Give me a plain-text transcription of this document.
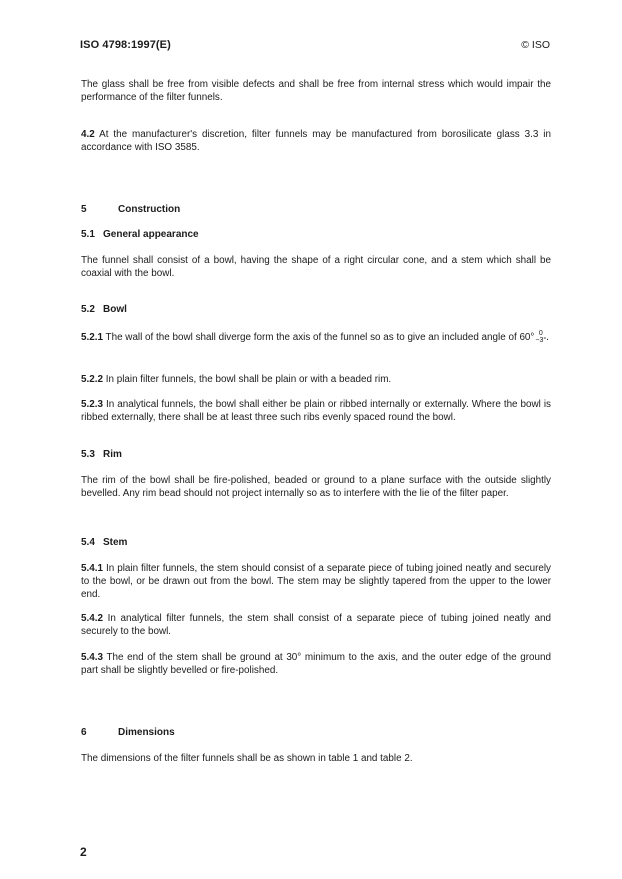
ISO 4798:1997(E)	© ISO
The glass shall be free from visible defects and shall be free from internal stress which would impair the performance of the filter funnels.
4.2 At the manufacturer's discretion, filter funnels may be manufactured from borosilicate glass 3.3 in accordance with ISO 3585.
5	Construction
5.1 General appearance
The funnel shall consist of a bowl, having the shape of a right circular cone, and a stem which shall be coaxial with the bowl.
5.2 Bowl
5.2.1 The wall of the bowl shall diverge form the axis of the funnel so as to give an included angle of 60° 0
−3° .
5.2.2 In plain filter funnels, the bowl shall be plain or with a beaded rim.
5.2.3 In analytical funnels, the bowl shall either be plain or ribbed internally or externally. Where the bowl is ribbed externally, there shall be at least three such ribs evenly spaced round the bowl.
5.3 Rim
The rim of the bowl shall be fire-polished, beaded or ground to a plane surface with the outside slightly bevelled. Any rim bead should not project internally so as to interfere with the lie of the filter paper.
5.4 Stem
5.4.1 In plain filter funnels, the stem should consist of a separate piece of tubing joined neatly and securely to the bowl, or be drawn out from the bowl. The stem may be slightly tapered from the upper to the lower end.
5.4.2 In analytical filter funnels, the stem shall consist of a separate piece of tubing joined neatly and securely to the bowl.
5.4.3 The end of the stem shall be ground at 30° minimum to the axis, and the outer edge of the ground part shall be slightly bevelled or fire-polished.
6	Dimensions
The dimensions of the filter funnels shall be as shown in table 1 and table 2.
2
